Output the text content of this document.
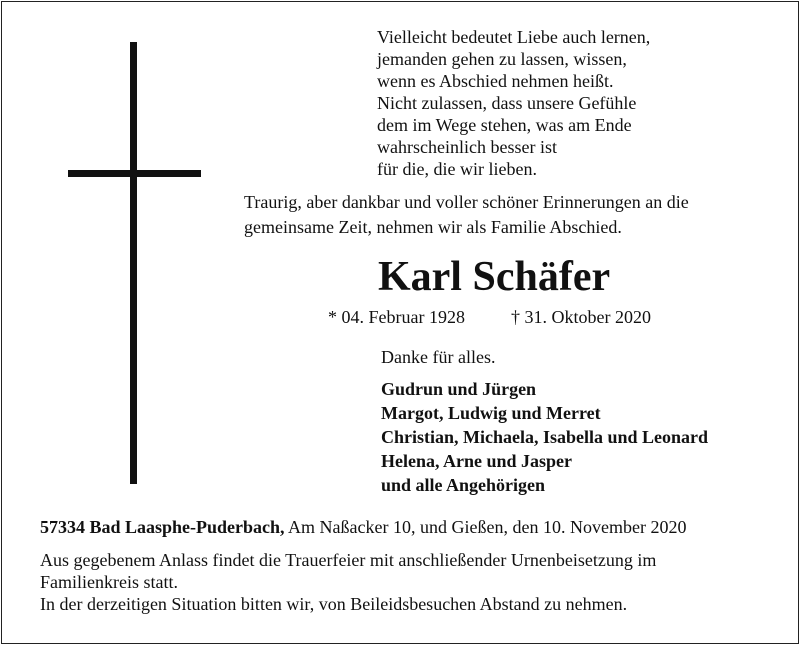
Vielleicht bedeutet Liebe auch lernen,
jemanden gehen zu lassen, wissen,
wenn es Abschied nehmen heißt.
Nicht zulassen, dass unsere Gefühle
dem im Wege stehen, was am Ende
wahrscheinlich besser ist
für die, die wir lieben.
Traurig, aber dankbar und voller schöner Erinnerungen an die
gemeinsame Zeit, nehmen wir als Familie Abschied.
Karl Schäfer
* 04. Februar 1928	† 31. Oktober 2020
Danke für alles.
Gudrun und Jürgen
Margot, Ludwig und Merret
Christian, Michaela, Isabella und Leonard
Helena, Arne und Jasper
und alle Angehörigen
57334 Bad Laasphe-Puderbach, Am Naßacker 10, und Gießen, den 10. November 2020
Aus gegebenem Anlass findet die Trauerfeier mit anschließender Urnenbeisetzung im
Familienkreis statt.
In der derzeitigen Situation bitten wir, von Beileidsbesuchen Abstand zu nehmen.
